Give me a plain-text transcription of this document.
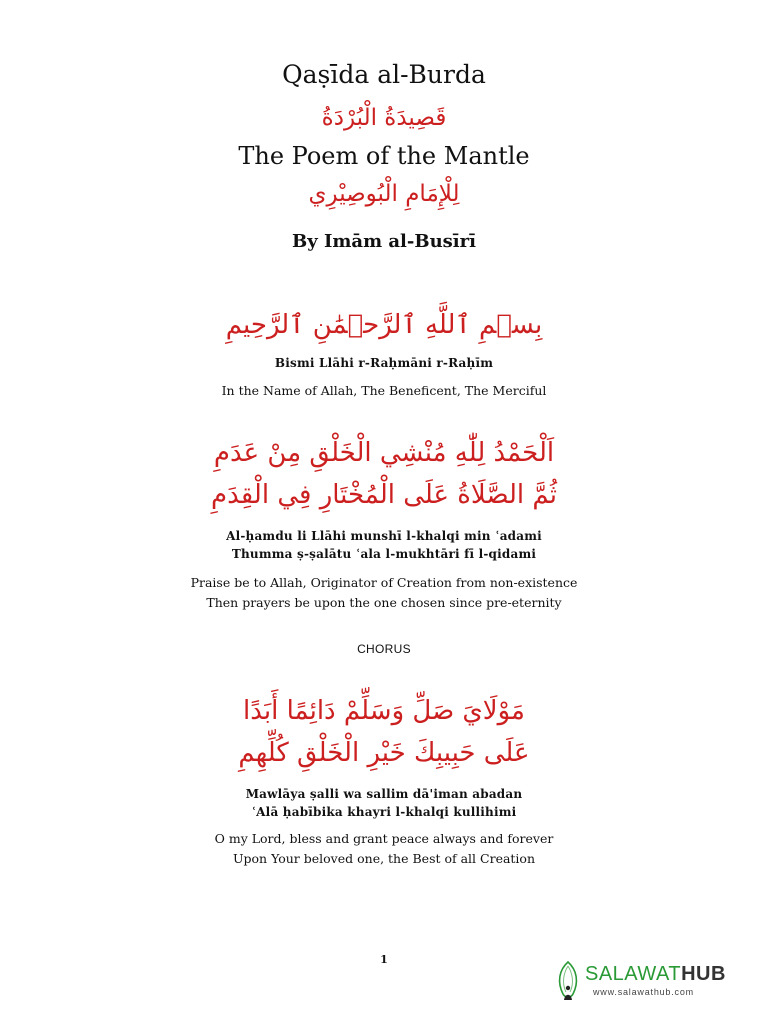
Qaṣīda al-Burda
قَصِيدَةُ الْبُرْدَةُ
The Poem of the Mantle
لِلْإِمَامِ الْبُوصِيْرِي
By Imām al-Busīrī
بِسۡمِ ٱللَّهِ ٱلرَّحۡمَٰنِ ٱلرَّحِيمِ
Bismi Llāhi r-Raḥmāni r-Raḥīm
In the Name of Allah, The Beneficent, The Merciful
اَلْحَمْدُ لِلّٰهِ مُنْشِي الْخَلْقِ مِنْ عَدَمِ
ثُمَّ الصَّلَاةُ عَلَى الْمُخْتَارِ فِي الْقِدَمِ
Al-ḥamdu li Llāhi munshī l-khalqi min ʿadami
Thumma ṣ-ṣalātu ʿala l-mukhtāri fī l-qidami
Praise be to Allah, Originator of Creation from non-existence
Then prayers be upon the one chosen since pre-eternity
CHORUS
مَوْلَايَ صَلِّ وَسَلِّمْ دَائِمًا أَبَدًا
عَلَى حَبِيبِكَ خَيْرِ الْخَلْقِ كُلِّهِمِ
Mawlāya ṣalli wa sallim dā'iman abadan
ʿAlā ḥabībika khayri l-khalqi kullihimi
O my Lord, bless and grant peace always and forever
Upon Your beloved one, the Best of all Creation
1
SALAWATHUB
www.salawathub.com
